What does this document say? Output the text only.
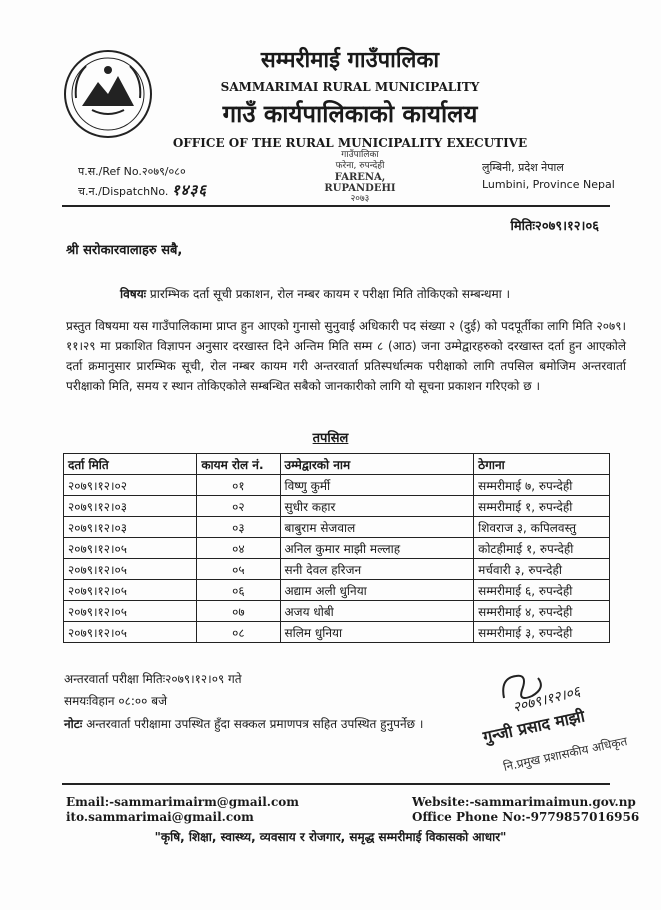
सम्मरीमाई गाउँपालिका
SAMMARIMAI RURAL MUNICIPALITY
गाउँ कार्यपालिकाको कार्यालय
OFFICE OF THE RURAL MUNICIPALITY EXECUTIVE
गाउँपालिका
फरेना, रुपन्देही
FARENA, RUPANDEHI
२०७३
प.स./Ref No.२०७९/०८०
च.न./DispatchNo. १४३६
लुम्बिनी, प्रदेश नेपाल
Lumbini, Province Nepal
मितिः२०७९।१२।०६
श्री सरोकारवालाहरु सबै,
विषयः प्रारम्भिक दर्ता सूची प्रकाशन, रोल नम्बर कायम र परीक्षा मिति तोकिएको सम्बन्धमा ।
प्रस्तुत विषयमा यस गाउँपालिकामा प्राप्त हुन आएको गुनासो सुनुवाई अधिकारी पद संख्या २ (दुई) को पदपूर्तीका लागि मिति २०७९।११।२९ मा प्रकाशित विज्ञापन अनुसार दरखास्त दिने अन्तिम मिति सम्म ८ (आठ) जना उम्मेद्वारहरुको दरखास्त दर्ता हुन आएकोले दर्ता क्रमानुसार प्रारम्भिक सूची, रोल नम्बर कायम गरी अन्तरवार्ता प्रतिस्पर्धात्मक परीक्षाको लागि तपसिल बमोजिम अन्तरवार्ता परीक्षाको मिति, समय र स्थान तोकिएकोले सम्बन्धित सबैको जानकारीको लागि यो सूचना प्रकाशन गरिएको छ ।
तपसिल
दर्ता मिति	कायम रोल नं.	उम्मेद्वारको नाम	ठेगाना
२०७९।१२।०२	०१	विष्णु कुर्मी	सम्मरीमाई ७, रुपन्देही
२०७९।१२।०३	०२	सुधीर कहार	सम्मरीमाई १, रुपन्देही
२०७९।१२।०३	०३	बाबुराम सेजवाल	शिवराज ३, कपिलवस्तु
२०७९।१२।०५	०४	अनिल कुमार माझी मल्लाह	कोटहीमाई १, रुपन्देही
२०७९।१२।०५	०५	सनी देवल हरिजन	मर्चवारी ३, रुपन्देही
२०७९।१२।०५	०६	अद्याम अली धुनिया	सम्मरीमाई ६, रुपन्देही
२०७९।१२।०५	०७	अजय धोबी	सम्मरीमाई ४, रुपन्देही
२०७९।१२।०५	०८	सलिम धुनिया	सम्मरीमाई ३, रुपन्देही
अन्तरवार्ता परीक्षा मितिः२०७९।१२।०९ गते
समयःविहान ०८:०० बजे
नोटः अन्तरवार्ता परीक्षामा उपस्थित हुँदा सक्कल प्रमाणपत्र सहित उपस्थित हुनुपर्नेछ ।
२०७९।१२।०६
गुन्जी प्रसाद माझी
नि.प्रमुख प्रशासकीय अधिकृत
Email:-sammarimairm@gmail.com
ito.sammarimai@gmail.com
Website:-sammarimaimun.gov.np
Office Phone No:-9779857016956
"कृषि, शिक्षा, स्वास्थ्य, व्यवसाय र रोजगार, समृद्ध सम्मरीमाई विकासको आधार"
